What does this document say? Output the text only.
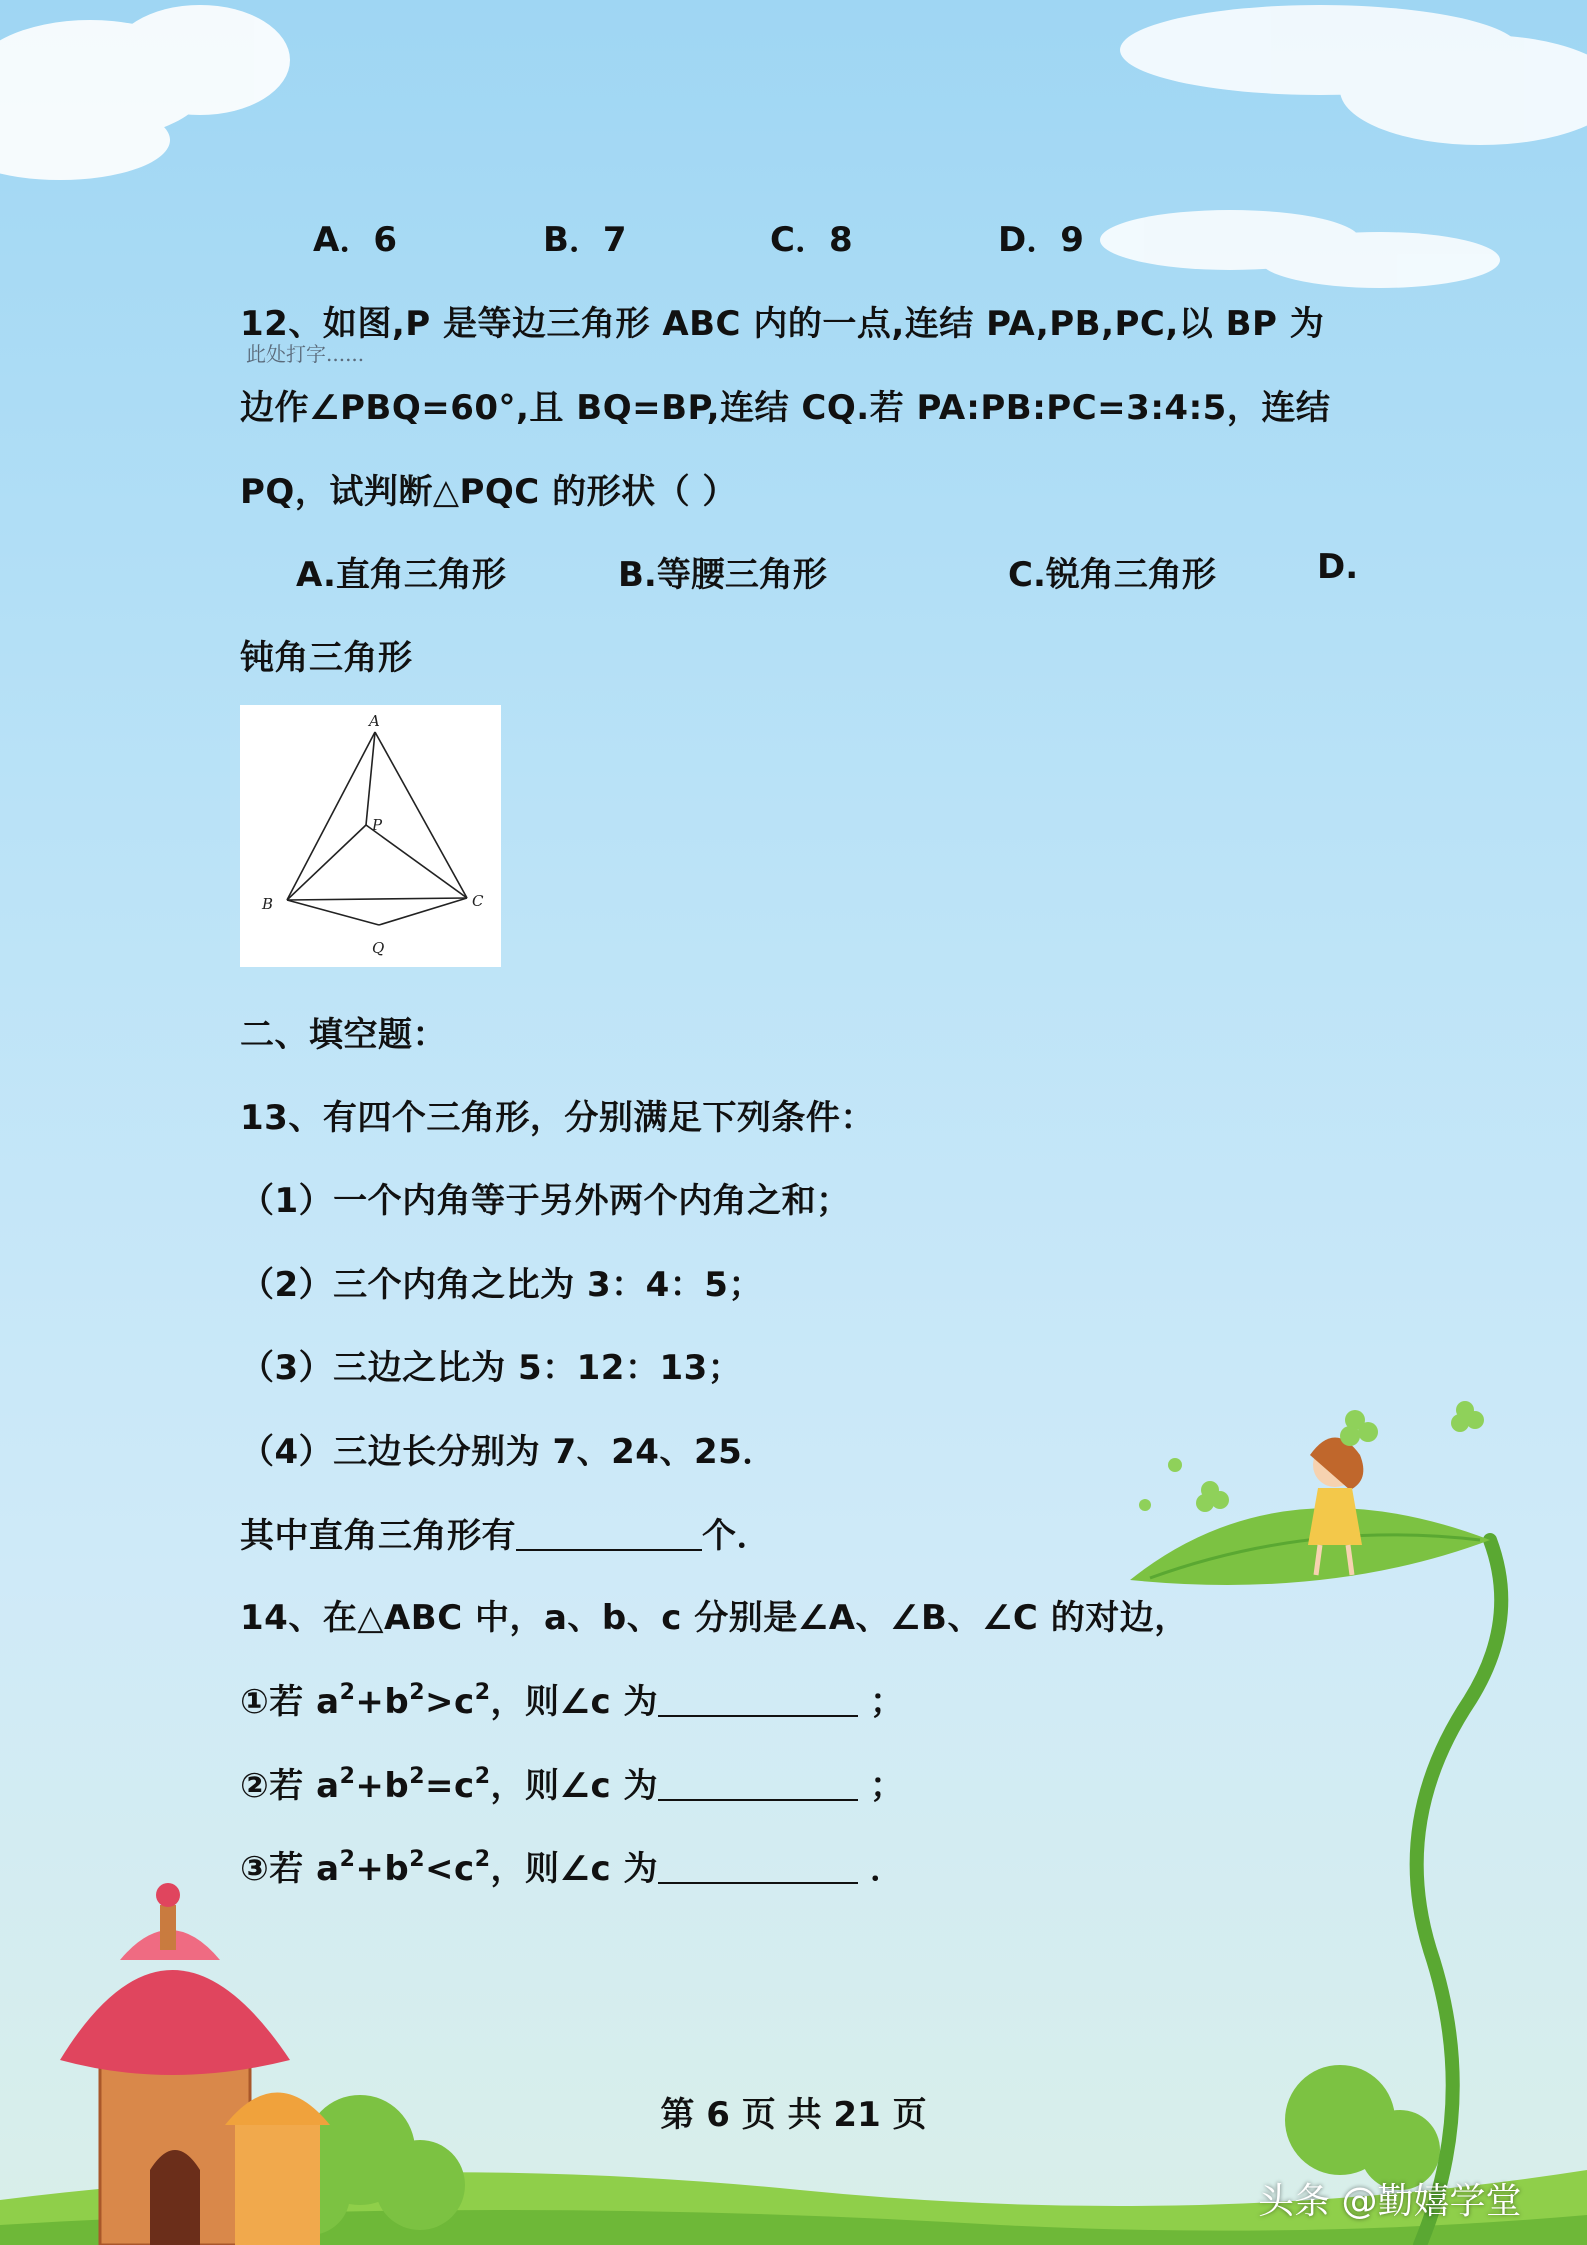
A．6	B．7	C．8	D．9
12、如图,P 是等边三角形 ABC 内的一点,连结 PA,PB,PC,以 BP 为
此处打字......
边作∠PBQ=60°,且 BQ=BP,连结 CQ.若 PA:PB:PC=3:4:5，连结
PQ，试判断△PQC 的形状（ ）
A.直角三角形	B.等腰三角形	C.锐角三角形	D.
钝角三角形
A
P
B	C
Q
二、填空题：
13、有四个三角形，分别满足下列条件：
（1）一个内角等于另外两个内角之和；
（2）三个内角之比为 3：4：5；
（3）三边之比为 5：12：13；
（4）三边长分别为 7、24、25．
其中直角三角形有	个．
14、在△ABC 中，a、b、c 分别是∠A、∠B、∠C 的对边，
①若 $a^2+b^2>c^2$，则∠c 为	；
②若 $a^2+b^2=c^2$，则∠c 为	；
③若 $a^2+b^2<c^2$，则∠c 为	．
第 6 页 共 21 页
头条 @勤嬉学堂
